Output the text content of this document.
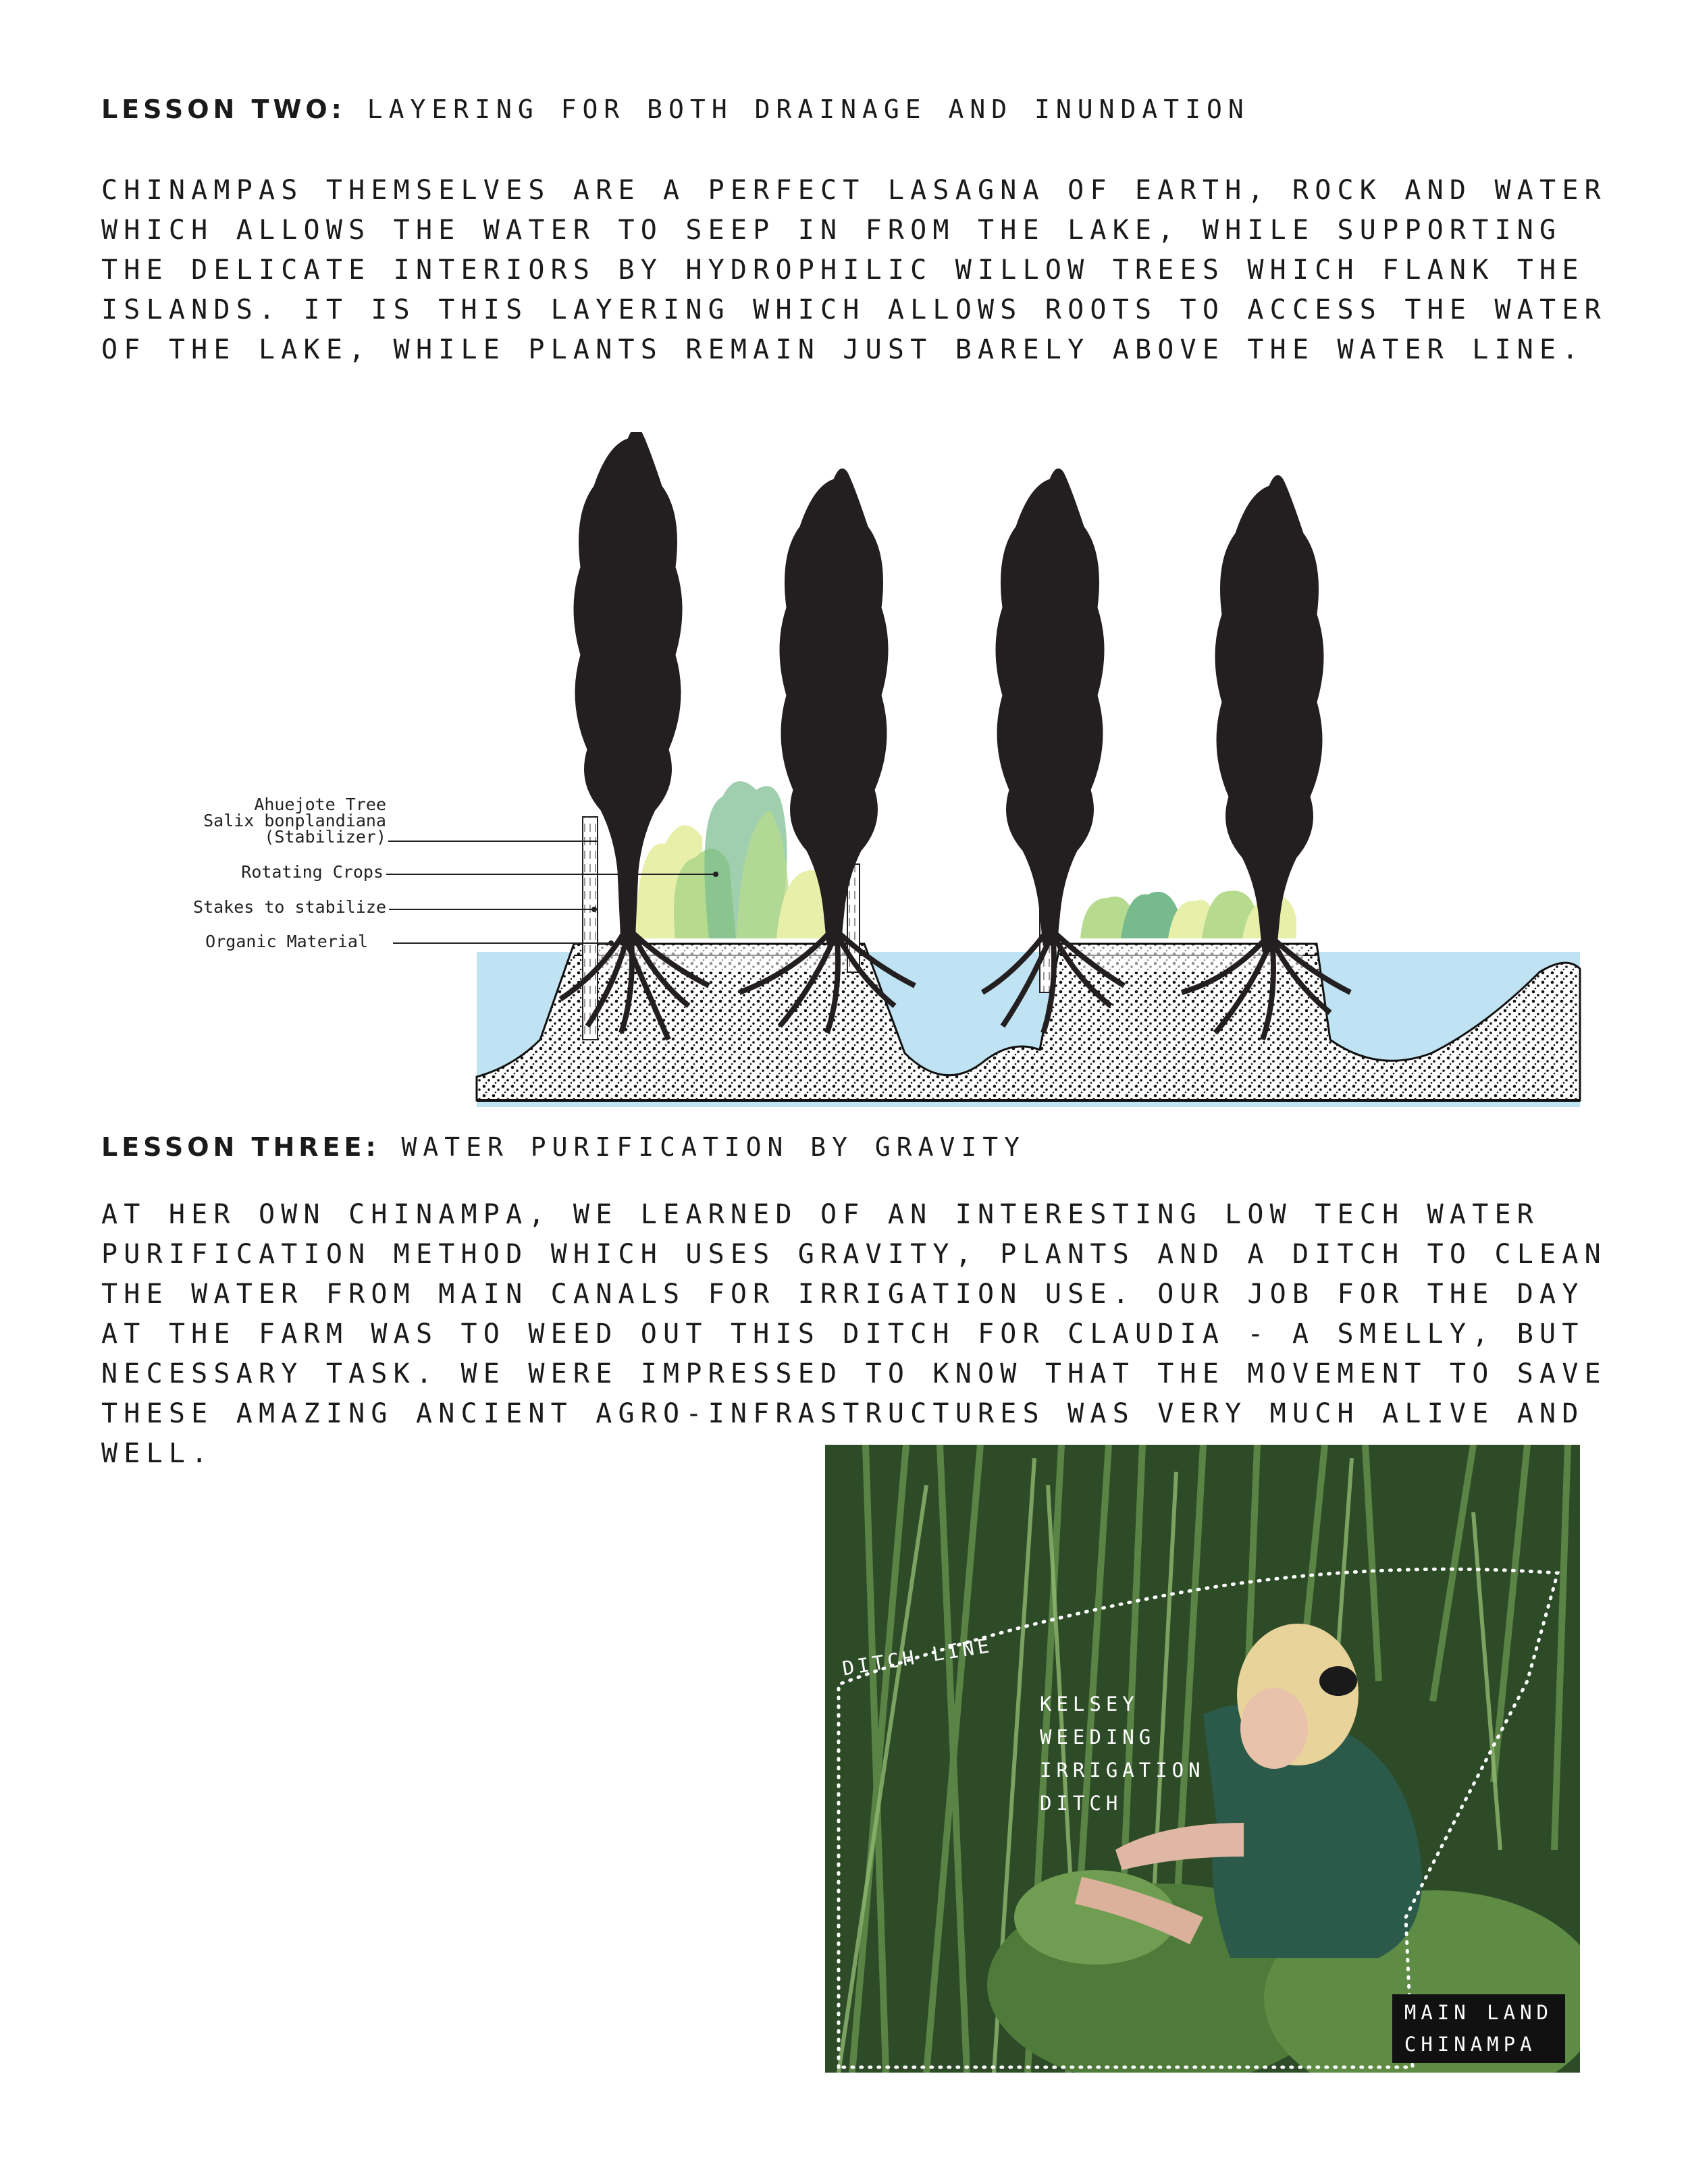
LESSON TWO: LAYERING FOR BOTH DRAINAGE AND INUNDATION
CHINAMPAS THEMSELVES ARE A PERFECT LASAGNA OF EARTH, ROCK AND WATER WHICH ALLOWS THE WATER TO SEEP IN FROM THE LAKE, WHILE SUPPORTING THE DELICATE INTERIORS BY HYDROPHILIC WILLOW TREES WHICH FLANK THE ISLANDS. IT IS THIS LAYERING WHICH ALLOWS ROOTS TO ACCESS THE WATER OF THE LAKE, WHILE PLANTS REMAIN JUST BARELY ABOVE THE WATER LINE.
Ahuejote Tree
Salix bonplandiana
(Stabilizer)
Rotating Crops
Stakes to stabilize
Organic Material
LESSON THREE: WATER PURIFICATION BY GRAVITY
AT HER OWN CHINAMPA, WE LEARNED OF AN INTERESTING LOW TECH WATER PURIFICATION METHOD WHICH USES GRAVITY, PLANTS AND A DITCH TO CLEAN THE WATER FROM MAIN CANALS FOR IRRIGATION USE. OUR JOB FOR THE DAY AT THE FARM WAS TO WEED OUT THIS DITCH FOR CLAUDIA - A SMELLY, BUT NECESSARY TASK. WE WERE IMPRESSED TO KNOW THAT THE MOVEMENT TO SAVE THESE AMAZING ANCIENT AGRO-INFRASTRUCTURES WAS VERY MUCH ALIVE AND WELL.
DITCH LINE
KELSEY
WEEDING
IRRIGATION
DITCH
MAIN LAND
CHINAMPA
